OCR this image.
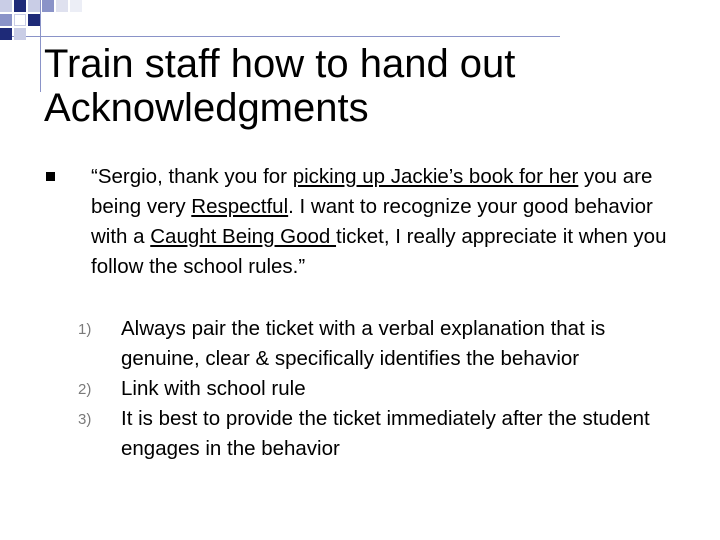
Train staff how to hand out
Acknowledgments

“Sergio, thank you for picking up Jackie’s book for her you are being very Respectful. I want to recognize your good behavior with a Caught Being Good ticket, I really appreciate it when you follow the school rules.”

1)	Always pair the ticket with a verbal explanation that is genuine, clear & specifically identifies the behavior
2)	Link with school rule
3)	It is best to provide the ticket immediately after the student engages in the behavior
